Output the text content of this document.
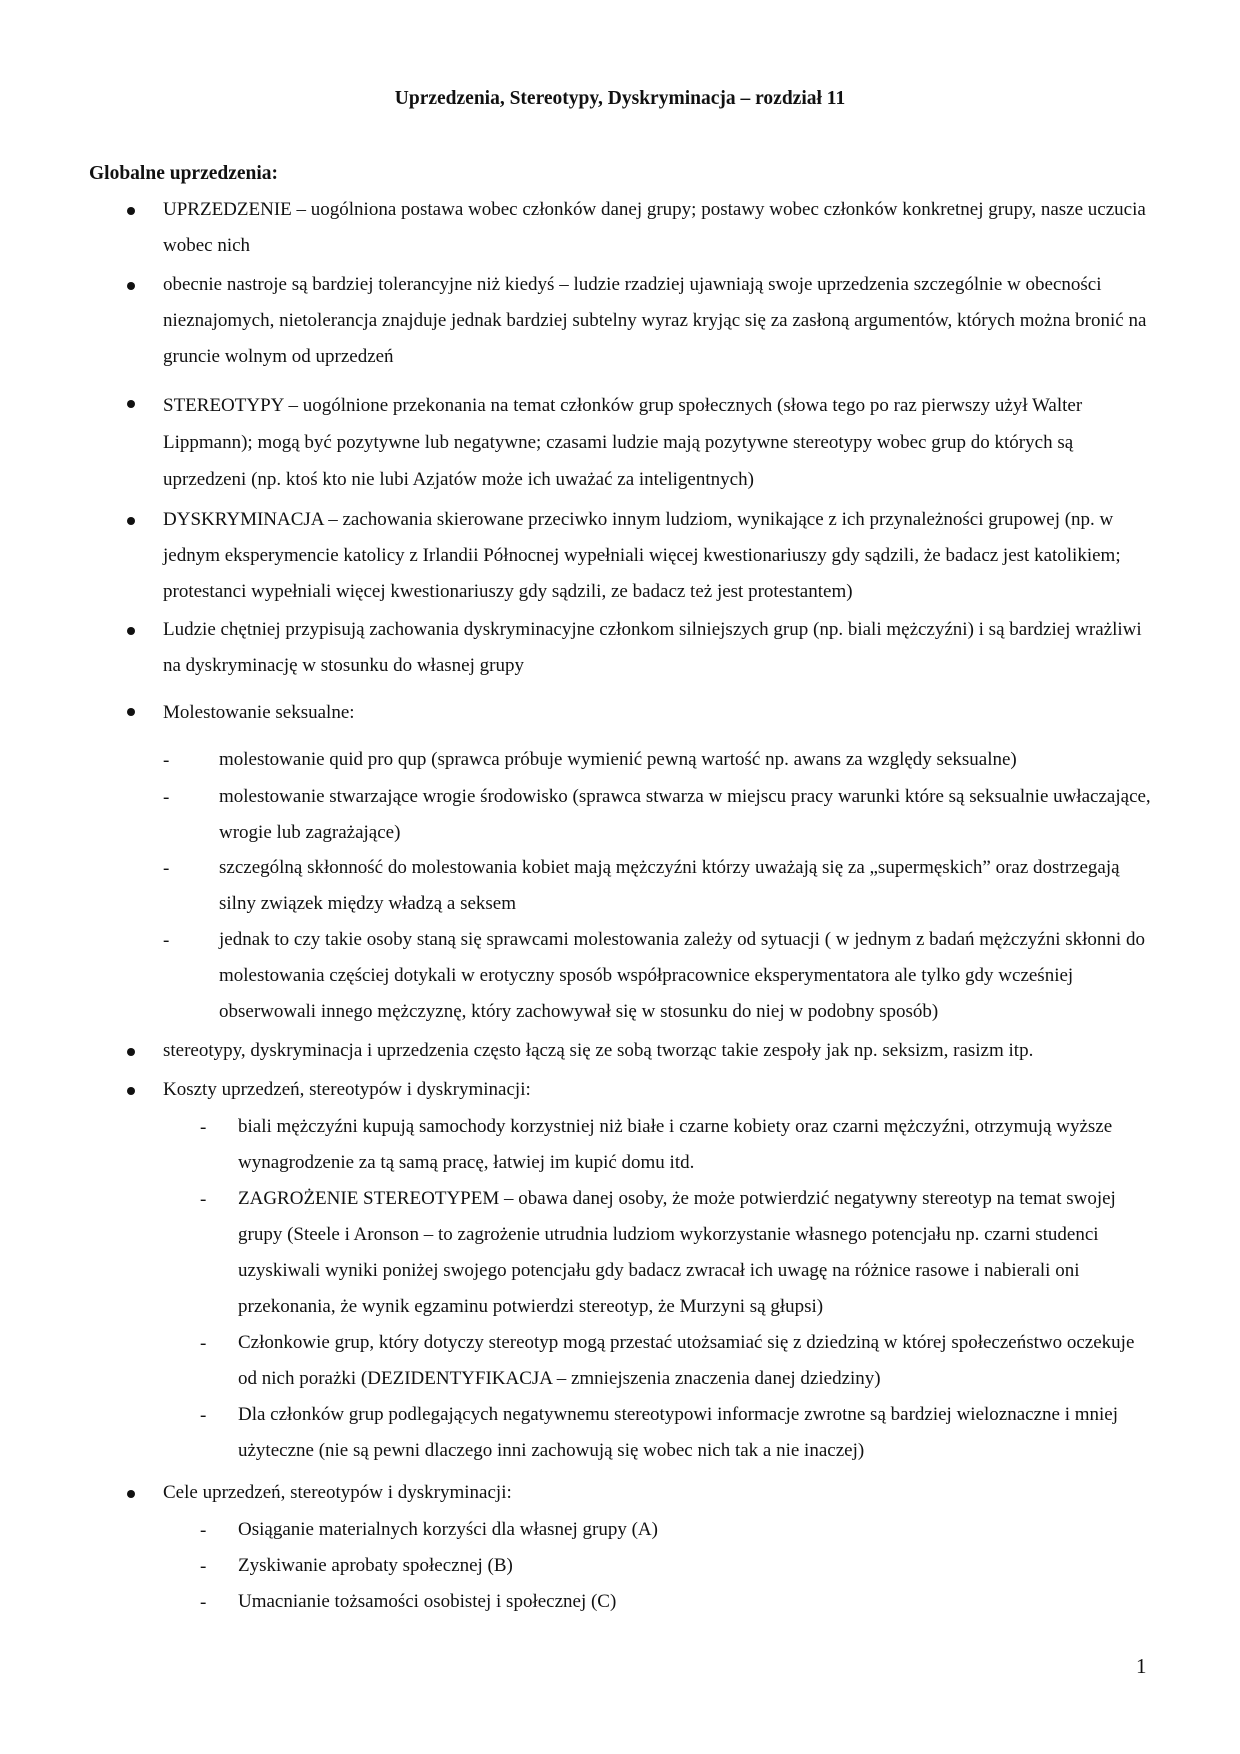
Uprzedzenia, Stereotypy, Dyskryminacja – rozdział 11
Globalne uprzedzenia:
UPRZEDZENIE – uogólniona postawa wobec członków danej grupy; postawy wobec członków konkretnej grupy, nasze uczucia wobec nich
obecnie nastroje są bardziej tolerancyjne niż kiedyś – ludzie rzadziej ujawniają swoje uprzedzenia szczególnie w obecności nieznajomych, nietolerancja znajduje jednak bardziej subtelny wyraz kryjąc się za zasłoną argumentów, których można bronić na gruncie wolnym od uprzedzeń
STEREOTYPY – uogólnione przekonania na temat członków grup społecznych (słowa tego po raz pierwszy użył Walter Lippmann); mogą być pozytywne lub negatywne; czasami ludzie mają pozytywne stereotypy wobec grup do których są uprzedzeni (np. ktoś kto nie lubi Azjatów może ich uważać za inteligentnych)
DYSKRYMINACJA – zachowania skierowane przeciwko innym ludziom, wynikające z ich przynależności grupowej (np. w jednym eksperymencie katolicy z Irlandii Północnej wypełniali więcej kwestionariuszy gdy sądzili, że badacz jest katolikiem; protestanci wypełniali więcej kwestionariuszy gdy sądzili, ze badacz też jest protestantem)
Ludzie chętniej przypisują zachowania dyskryminacyjne członkom silniejszych grup (np. biali mężczyźni) i są bardziej wrażliwi na dyskryminację w stosunku do własnej grupy
Molestowanie seksualne:
-	molestowanie quid pro qup (sprawca próbuje wymienić pewną wartość np. awans za względy seksualne)
-	molestowanie stwarzające wrogie środowisko (sprawca stwarza w miejscu pracy warunki które są seksualnie uwłaczające, wrogie lub zagrażające)
-	szczególną skłonność do molestowania kobiet mają mężczyźni którzy uważają się za „supermęskich” oraz dostrzegają silny związek między władzą a seksem
-	jednak to czy takie osoby staną się sprawcami molestowania zależy od sytuacji ( w jednym z badań mężczyźni skłonni do molestowania częściej dotykali w erotyczny sposób współpracownice eksperymentatora ale tylko gdy wcześniej obserwowali innego mężczyznę, który zachowywał się w stosunku do niej w podobny sposób)
stereotypy, dyskryminacja i uprzedzenia często łączą się ze sobą tworząc takie zespoły jak np. seksizm, rasizm itp.
Koszty uprzedzeń, stereotypów i dyskryminacji:
- biali mężczyźni kupują samochody korzystniej niż białe i czarne kobiety oraz czarni mężczyźni, otrzymują wyższe wynagrodzenie za tą samą pracę, łatwiej im kupić domu itd.
- ZAGROŻENIE STEREOTYPEM – obawa danej osoby, że może potwierdzić negatywny stereotyp na temat swojej grupy (Steele i Aronson – to zagrożenie utrudnia ludziom wykorzystanie własnego potencjału np. czarni studenci uzyskiwali wyniki poniżej swojego potencjału gdy badacz zwracał ich uwagę na różnice rasowe i nabierali oni przekonania, że wynik egzaminu potwierdzi stereotyp, że Murzyni są głupsi)
- Członkowie grup, który dotyczy stereotyp mogą przestać utożsamiać się z dziedziną w której społeczeństwo oczekuje od nich porażki (DEZIDENTYFIKACJA – zmniejszenia znaczenia danej dziedziny)
- Dla członków grup podlegających negatywnemu stereotypowi informacje zwrotne są bardziej wieloznaczne i mniej użyteczne (nie są pewni dlaczego inni zachowują się wobec nich tak a nie inaczej)
Cele uprzedzeń, stereotypów i dyskryminacji:
- Osiąganie materialnych korzyści dla własnej grupy (A)
- Zyskiwanie aprobaty społecznej (B)
- Umacnianie tożsamości osobistej i społecznej (C)
1
